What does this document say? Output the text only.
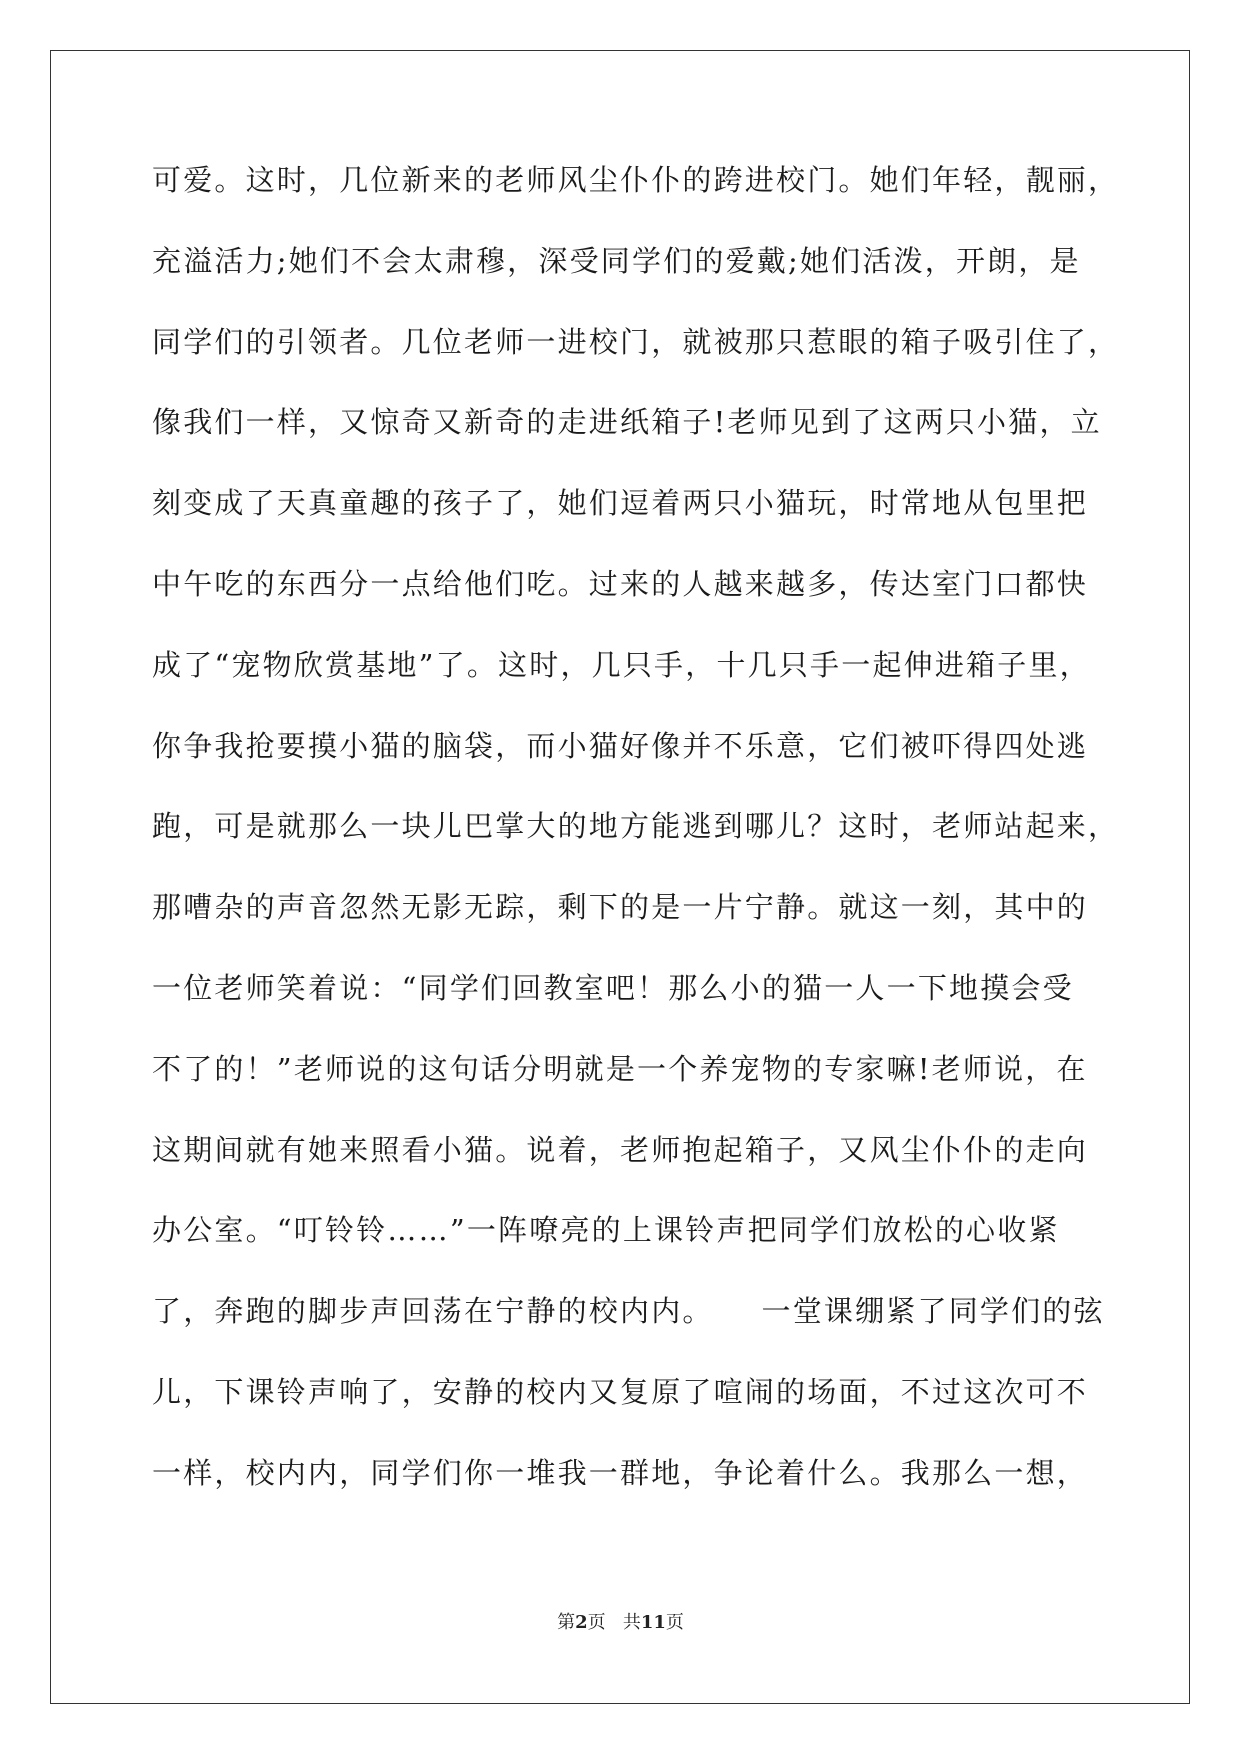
可爱。这时，几位新来的老师风尘仆仆的跨进校门。她们年轻，靓丽，
充溢活力;她们不会太肃穆，深受同学们的爱戴;她们活泼，开朗，是
同学们的引领者。几位老师一进校门，就被那只惹眼的箱子吸引住了，
像我们一样，又惊奇又新奇的走进纸箱子!老师见到了这两只小猫，立
刻变成了天真童趣的孩子了，她们逗着两只小猫玩，时常地从包里把
中午吃的东西分一点给他们吃。过来的人越来越多，传达室门口都快
成了“宠物欣赏基地”了。这时，几只手，十几只手一起伸进箱子里，
你争我抢要摸小猫的脑袋，而小猫好像并不乐意，它们被吓得四处逃
跑，可是就那么一块儿巴掌大的地方能逃到哪儿？这时，老师站起来，
那嘈杂的声音忽然无影无踪，剩下的是一片宁静。就这一刻，其中的
一位老师笑着说：“同学们回教室吧！那么小的猫一人一下地摸会受
不了的！”老师说的这句话分明就是一个养宠物的专家嘛!老师说，在
这期间就有她来照看小猫。说着，老师抱起箱子，又风尘仆仆的走向
办公室。“叮铃铃……”一阵嘹亮的上课铃声把同学们放松的心收紧
了，奔跑的脚步声回荡在宁静的校内内。　　一堂课绷紧了同学们的弦
儿，下课铃声响了，安静的校内又复原了喧闹的场面，不过这次可不
一样，校内内，同学们你一堆我一群地，争论着什么。我那么一想，
第2页 共11页
